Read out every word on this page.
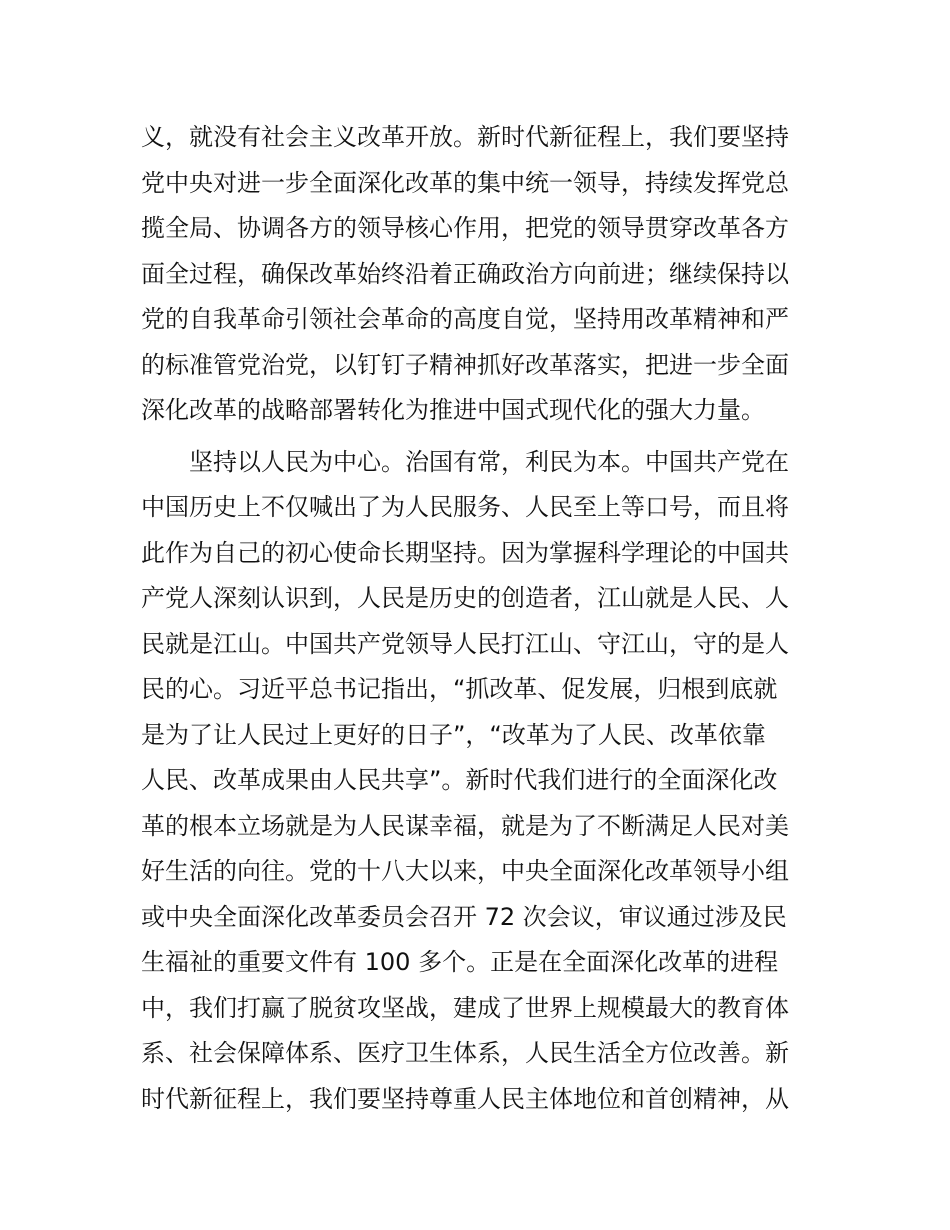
义，就没有社会主义改革开放。新时代新征程上，我们要坚持
党中央对进一步全面深化改革的集中统一领导，持续发挥党总
揽全局、协调各方的领导核心作用，把党的领导贯穿改革各方
面全过程，确保改革始终沿着正确政治方向前进；继续保持以
党的自我革命引领社会革命的高度自觉，坚持用改革精神和严
的标准管党治党，以钉钉子精神抓好改革落实，把进一步全面
深化改革的战略部署转化为推进中国式现代化的强大力量。
坚持以人民为中心。治国有常，利民为本。中国共产党在
中国历史上不仅喊出了为人民服务、人民至上等口号，而且将
此作为自己的初心使命长期坚持。因为掌握科学理论的中国共
产党人深刻认识到，人民是历史的创造者，江山就是人民、人
民就是江山。中国共产党领导人民打江山、守江山，守的是人
民的心。习近平总书记指出，“抓改革、促发展，归根到底就
是为了让人民过上更好的日子”，“改革为了人民、改革依靠
人民、改革成果由人民共享”。新时代我们进行的全面深化改
革的根本立场就是为人民谋幸福，就是为了不断满足人民对美
好生活的向往。党的十八大以来，中央全面深化改革领导小组
或中央全面深化改革委员会召开 72 次会议，审议通过涉及民
生福祉的重要文件有 100 多个。正是在全面深化改革的进程
中，我们打赢了脱贫攻坚战，建成了世界上规模最大的教育体
系、社会保障体系、医疗卫生体系，人民生活全方位改善。新
时代新征程上，我们要坚持尊重人民主体地位和首创精神，从
